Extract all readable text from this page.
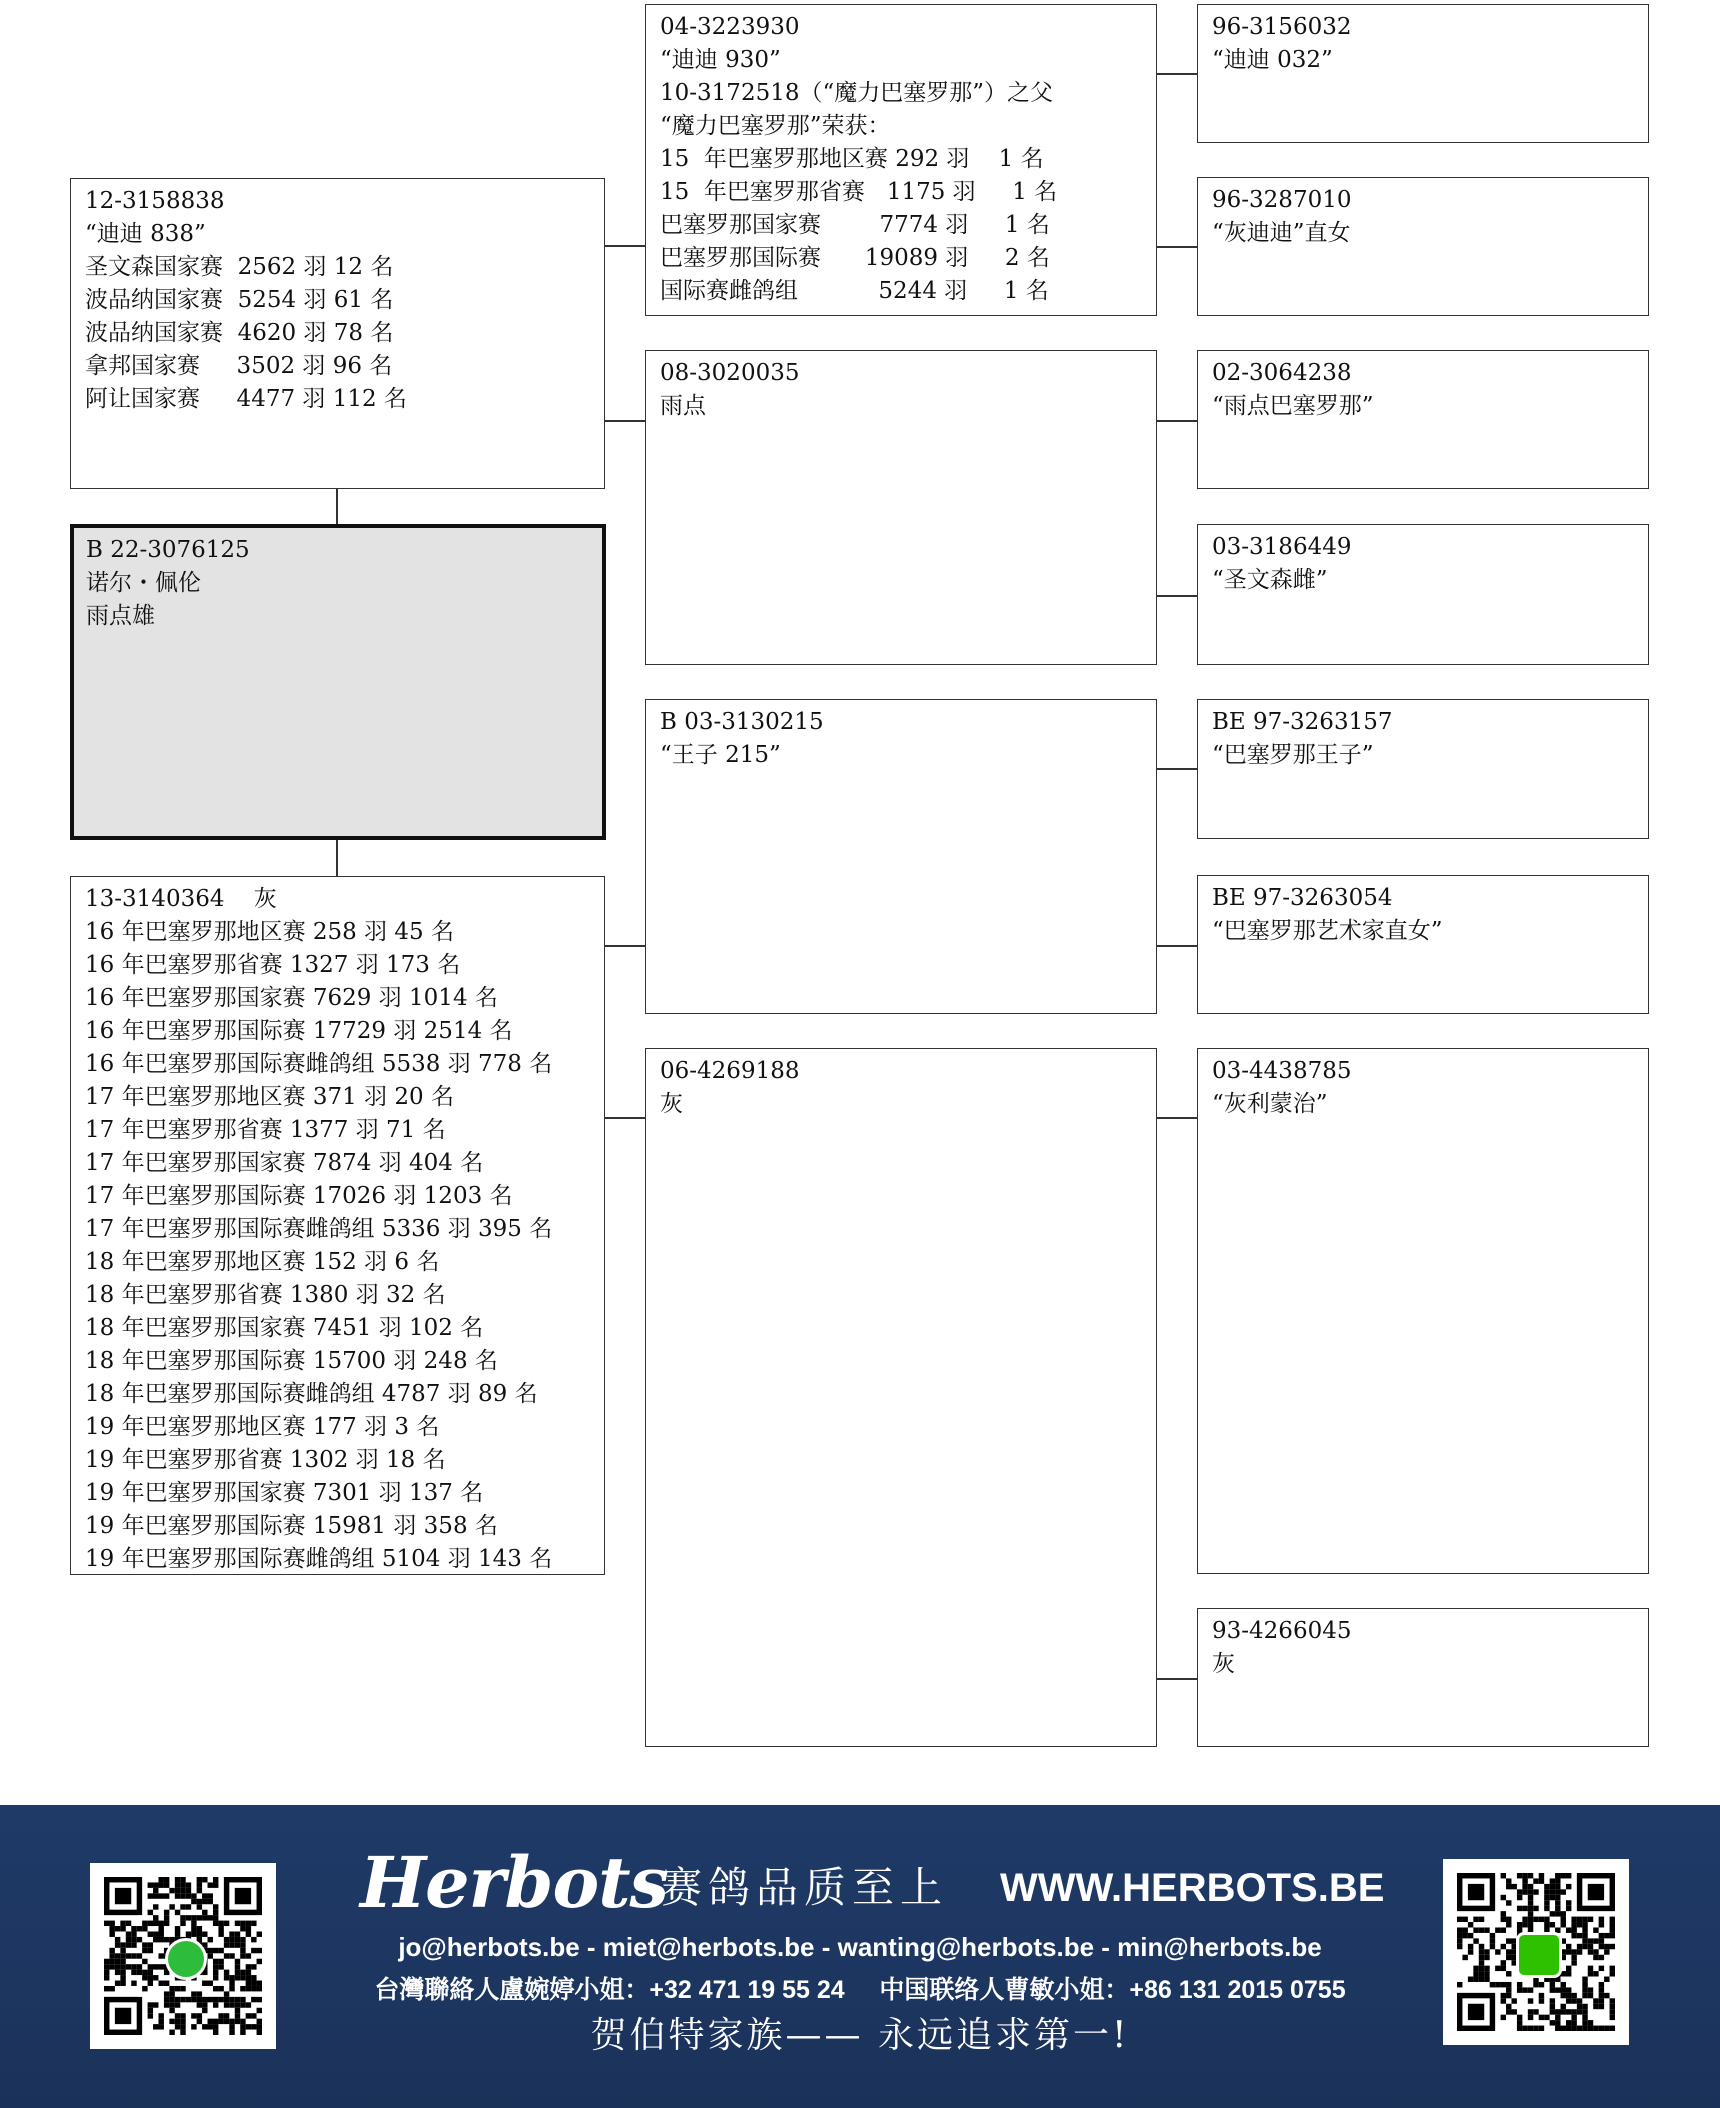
12-3158838
“迪迪 838”
圣文森国家赛  2562 羽 12 名
波品纳国家赛  5254 羽 61 名
波品纳国家赛  4620 羽 78 名
拿邦国家赛     3502 羽 96 名
阿让国家赛     4477 羽 112 名
B 22-3076125
诺尔・佩伦
雨点雄
13-3140364    灰
16 年巴塞罗那地区赛 258 羽 45 名
16 年巴塞罗那省赛 1327 羽 173 名
16 年巴塞罗那国家赛 7629 羽 1014 名
16 年巴塞罗那国际赛 17729 羽 2514 名
16 年巴塞罗那国际赛雌鸽组 5538 羽 778 名
17 年巴塞罗那地区赛 371 羽 20 名
17 年巴塞罗那省赛 1377 羽 71 名
17 年巴塞罗那国家赛 7874 羽 404 名
17 年巴塞罗那国际赛 17026 羽 1203 名
17 年巴塞罗那国际赛雌鸽组 5336 羽 395 名
18 年巴塞罗那地区赛 152 羽 6 名
18 年巴塞罗那省赛 1380 羽 32 名
18 年巴塞罗那国家赛 7451 羽 102 名
18 年巴塞罗那国际赛 15700 羽 248 名
18 年巴塞罗那国际赛雌鸽组 4787 羽 89 名
19 年巴塞罗那地区赛 177 羽 3 名
19 年巴塞罗那省赛 1302 羽 18 名
19 年巴塞罗那国家赛 7301 羽 137 名
19 年巴塞罗那国际赛 15981 羽 358 名
19 年巴塞罗那国际赛雌鸽组 5104 羽 143 名
04-3223930
“迪迪 930”
10-3172518（“魔力巴塞罗那”）之父
“魔力巴塞罗那”荣获：
15  年巴塞罗那地区赛 292 羽    1 名
15  年巴塞罗那省赛   1175 羽     1 名
巴塞罗那国家赛        7774 羽     1 名
巴塞罗那国际赛      19089 羽     2 名
国际赛雌鸽组           5244 羽     1 名
08-3020035
雨点
B 03-3130215
“王子 215”
06-4269188
灰
96-3156032
“迪迪 032”
96-3287010
“灰迪迪”直女
02-3064238
“雨点巴塞罗那”
03-3186449
“圣文森雌”
BE 97-3263157
“巴塞罗那王子”
BE 97-3263054
“巴塞罗那艺术家直女”
03-4438785
“灰利蒙治”
93-4266045
灰
Herbots
赛鸽品质至上 WWW.HERBOTS.BE
jo@herbots.be - miet@herbots.be - wanting@herbots.be - min@herbots.be
台灣聯絡人盧婉婷小姐：+32 471 19 55 24     中国联络人曹敏小姐：+86 131 2015 0755
贺伯特家族—— 永远追求第一!
